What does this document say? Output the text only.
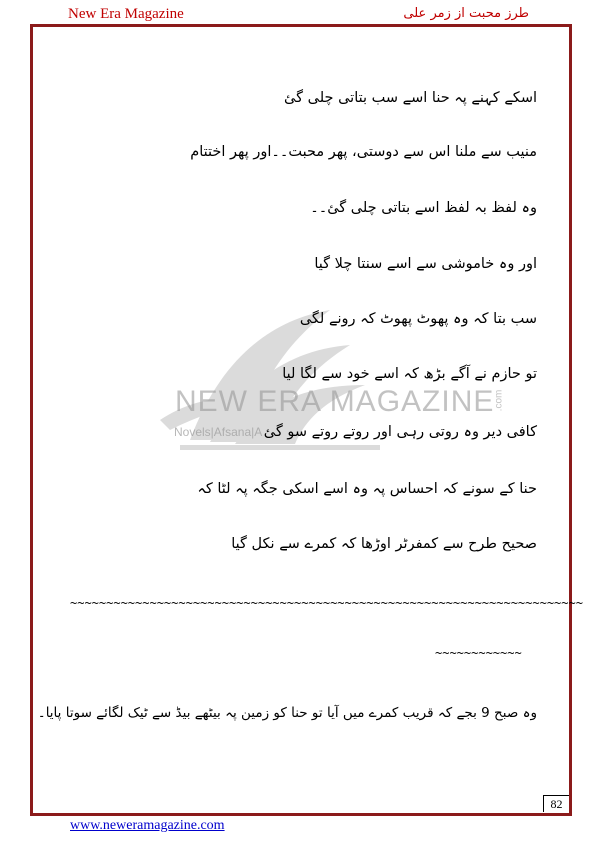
New Era Magazine	طرز محبت از زمر علی
NEW ERA MAGAZINE
Novels|Afsana|A
.com
اسکے کہنے پہ حنا اسے سب بتاتی چلی گئ
منیب سے ملنا اس سے دوستی، پھر محبت۔۔اور پھر اختتام
وہ لفظ بہ لفظ اسے بتاتی چلی گئ۔۔
اور وہ خاموشی سے اسے سنتا چلا گیا
سب بتا کہ وہ پھوٹ پھوٹ کہ رونے لگی
تو حازم نے آگے بڑھ کہ اسے خود سے لگا لیا
کافی دیر وہ روتی رہی اور روتے روتے سو گئ
حنا کے سونے کہ احساس پہ وہ اسے اسکی جگہ پہ لٹا کہ
صحیح طرح سے کمفرٹر اوڑھا کہ کمرے سے نکل گیا
~~~~~~~~~~~~~~~~~~~~~~~~~~~~~~~~~~~~~~~~~~~~~~~~~~~~~~~~~~~~~~~~~~~~~~~
~~~~~~~~~~~~
وہ صبح 9 بجے کہ قریب کمرے میں آیا تو حنا کو زمین پہ بیٹھے بیڈ سے ٹیک لگائے سوتا پایا۔
82
www.neweramagazine.com
